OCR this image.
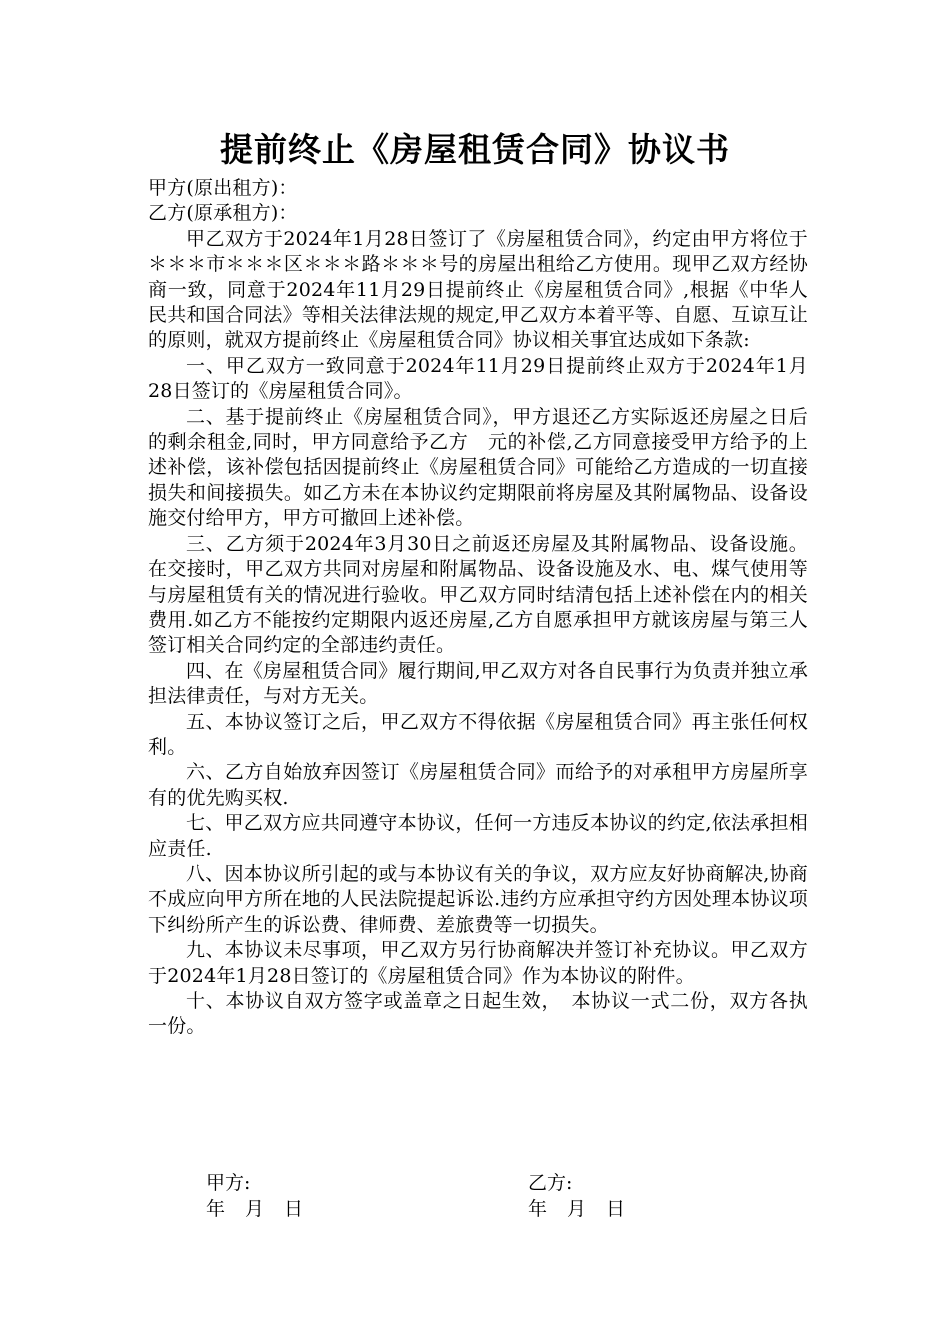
提前终止《房屋租赁合同》协议书

甲方(原出租方)：

乙方(原承租方)：

甲乙双方于2024年1月28日签订了《房屋租赁合同》，约定由甲方将位于＊＊＊市＊＊＊区＊＊＊路＊＊＊号的房屋出租给乙方使用。现甲乙双方经协商一致，同意于2024年11月29日提前终止《房屋租赁合同》,根据《中华人民共和国合同法》等相关法律法规的规定,甲乙双方本着平等、自愿、互谅互让的原则，就双方提前终止《房屋租赁合同》协议相关事宜达成如下条款:

一、甲乙双方一致同意于2024年11月29日提前终止双方于2024年1月28日签订的《房屋租赁合同》。

二、基于提前终止《房屋租赁合同》，甲方退还乙方实际返还房屋之日后的剩余租金,同时，甲方同意给予乙方　元的补偿,乙方同意接受甲方给予的上述补偿，该补偿包括因提前终止《房屋租赁合同》可能给乙方造成的一切直接损失和间接损失。如乙方未在本协议约定期限前将房屋及其附属物品、设备设施交付给甲方，甲方可撤回上述补偿。

三、乙方须于2024年3月30日之前返还房屋及其附属物品、设备设施。在交接时，甲乙双方共同对房屋和附属物品、设备设施及水、电、煤气使用等与房屋租赁有关的情况进行验收。甲乙双方同时结清包括上述补偿在内的相关费用.如乙方不能按约定期限内返还房屋,乙方自愿承担甲方就该房屋与第三人签订相关合同约定的全部违约责任。

四、在《房屋租赁合同》履行期间,甲乙双方对各自民事行为负责并独立承担法律责任，与对方无关。

五、本协议签订之后，甲乙双方不得依据《房屋租赁合同》再主张任何权利。

六、乙方自始放弃因签订《房屋租赁合同》而给予的对承租甲方房屋所享有的优先购买权.

七、甲乙双方应共同遵守本协议，任何一方违反本协议的约定,依法承担相应责任.

八、因本协议所引起的或与本协议有关的争议，双方应友好协商解决,协商不成应向甲方所在地的人民法院提起诉讼.违约方应承担守约方因处理本协议项下纠纷所产生的诉讼费、律师费、差旅费等一切损失。

九、本协议未尽事项，甲乙双方另行协商解决并签订补充协议。甲乙双方于2024年1月28日签订的《房屋租赁合同》作为本协议的附件。

十、本协议自双方签字或盖章之日起生效，　本协议一式二份，双方各执一份。

甲方:	乙方:
年 月 日	年 月 日
